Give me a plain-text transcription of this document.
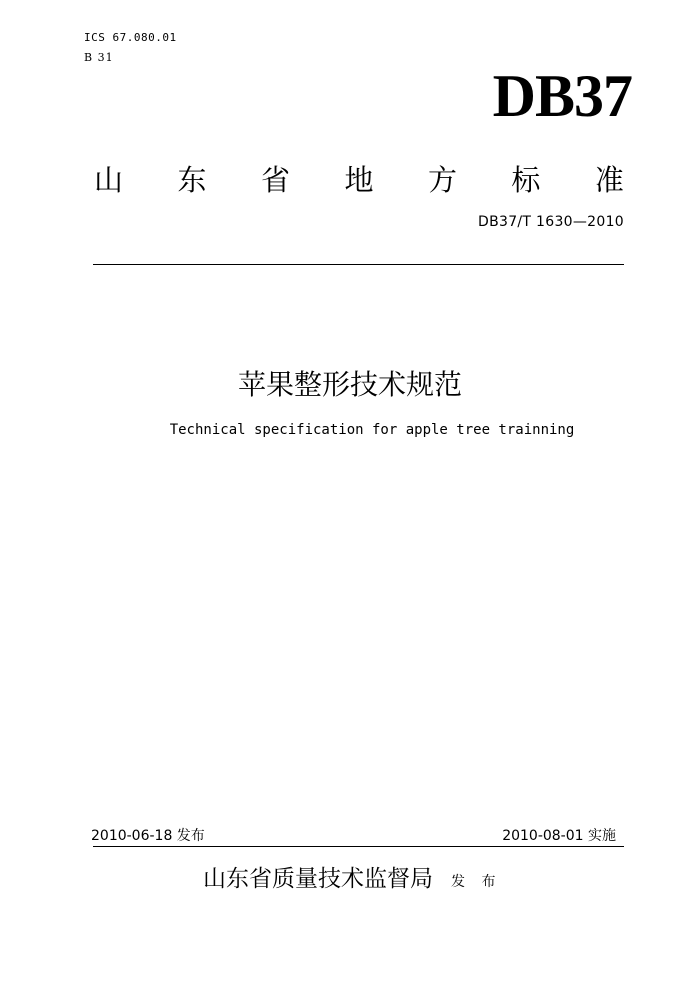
ICS 67.080.01
B 31
DB37
山 东 省 地 方 标 准
DB37/T 1630—2010
苹果整形技术规范
Technical specification for apple tree trainning
2010-06-18 发布	2010-08-01 实施
山东省质量技术监督局 发 布
